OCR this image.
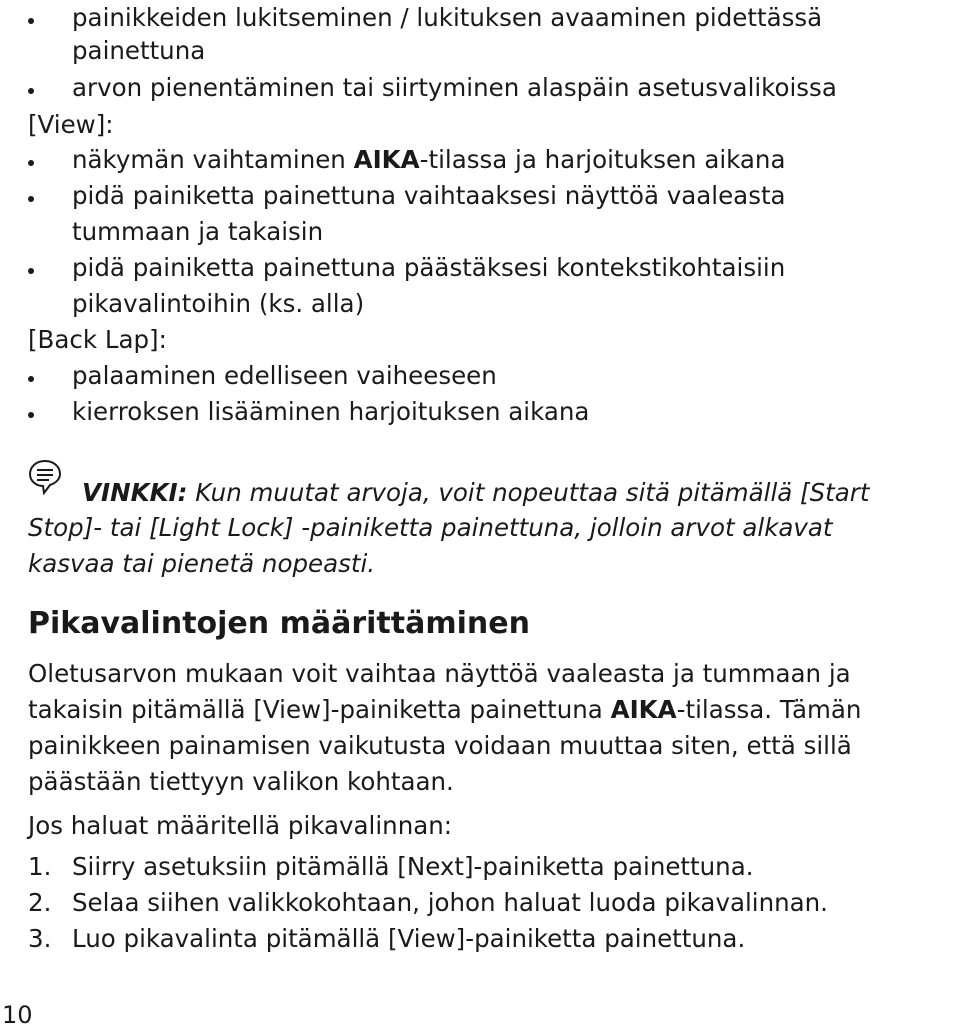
painikkeiden lukitseminen / lukituksen avaaminen pidettässä
painettuna
arvon pienentäminen tai siirtyminen alaspäin asetusvalikoissa
[View]:
näkymän vaihtaminen AIKA-tilassa ja harjoituksen aikana
pidä painiketta painettuna vaihtaaksesi näyttöä vaaleasta
tummaan ja takaisin
pidä painiketta painettuna päästäksesi kontekstikohtaisiin
pikavalintoihin (ks. alla)
[Back Lap]:
palaaminen edelliseen vaiheeseen
kierroksen lisääminen harjoituksen aikana
VINKKI: Kun muutat arvoja, voit nopeuttaa sitä pitämällä [Start
Stop]- tai [Light Lock] -painiketta painettuna, jolloin arvot alkavat
kasvaa tai pienetä nopeasti.
Pikavalintojen määrittäminen
Oletusarvon mukaan voit vaihtaa näyttöä vaaleasta ja tummaan ja
takaisin pitämällä [View]-painiketta painettuna AIKA-tilassa. Tämän
painikkeen painamisen vaikutusta voidaan muuttaa siten, että sillä
päästään tiettyyn valikon kohtaan.
Jos haluat määritellä pikavalinnan:
1. Siirry asetuksiin pitämällä [Next]-painiketta painettuna.
2. Selaa siihen valikkokohtaan, johon haluat luoda pikavalinnan.
3. Luo pikavalinta pitämällä [View]-painiketta painettuna.
10
